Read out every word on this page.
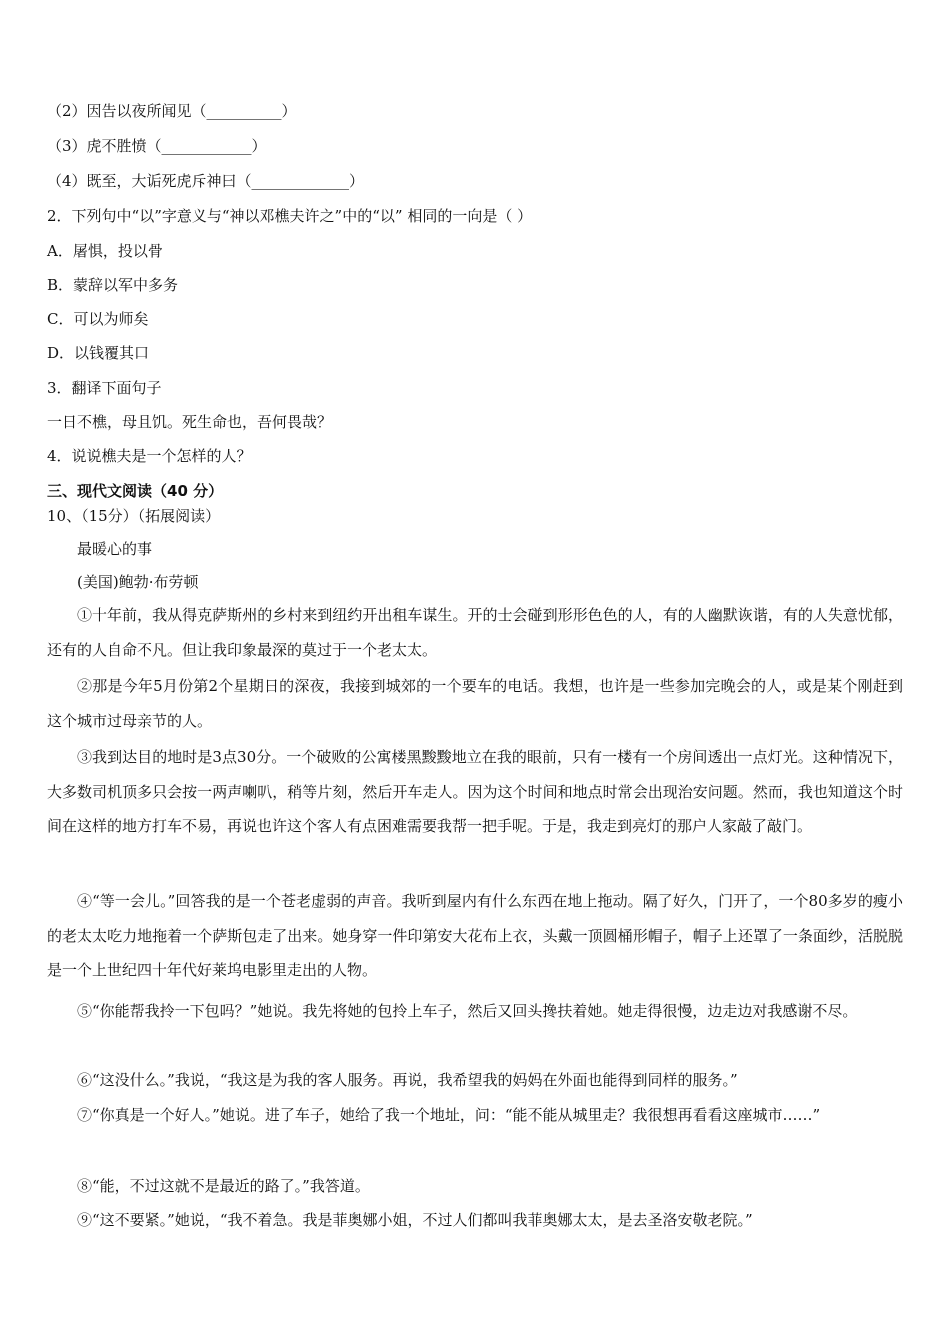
（2）因告以夜所闻见（__________）
（3）虎不胜愤（____________）
（4）既至，大诟死虎斥神曰（_____________）
2．下列句中“以”字意义与“神以邓樵夫许之”中的“以” 相同的一向是（ ）
A．屠惧，投以骨
B．蒙辞以军中多务
C．可以为师矣
D．以钱覆其口
3．翻译下面句子
一日不樵，母且饥。死生命也，吾何畏哉？
4．说说樵夫是一个怎样的人？
三、现代文阅读（40 分）
10、（15分）（拓展阅读）
最暖心的事
(美国)鲍勃·布劳顿
①十年前，我从得克萨斯州的乡村来到纽约开出租车谋生。开的士会碰到形形色色的人，有的人幽默诙谐，有的人失意忧郁，还有的人自命不凡。但让我印象最深的莫过于一个老太太。
②那是今年5月份第2个星期日的深夜，我接到城郊的一个要车的电话。我想，也许是一些参加完晚会的人，或是某个刚赶到这个城市过母亲节的人。
③我到达目的地时是3点30分。一个破败的公寓楼黑黢黢地立在我的眼前，只有一楼有一个房间透出一点灯光。这种情况下，大多数司机顶多只会按一两声喇叭，稍等片刻，然后开车走人。因为这个时间和地点时常会出现治安问题。然而，我也知道这个时间在这样的地方打车不易，再说也许这个客人有点困难需要我帮一把手呢。于是，我走到亮灯的那户人家敲了敲门。
④“等一会儿。”回答我的是一个苍老虚弱的声音。我听到屋内有什么东西在地上拖动。隔了好久，门开了，一个80多岁的瘦小的老太太吃力地拖着一个萨斯包走了出来。她身穿一件印第安大花布上衣，头戴一顶圆桶形帽子，帽子上还罩了一条面纱，活脱脱是一个上世纪四十年代好莱坞电影里走出的人物。
⑤“你能帮我拎一下包吗？”她说。我先将她的包拎上车子，然后又回头搀扶着她。她走得很慢，边走边对我感谢不尽。
⑥“这没什么。”我说，“我这是为我的客人服务。再说，我希望我的妈妈在外面也能得到同样的服务。”
⑦“你真是一个好人。”她说。进了车子，她给了我一个地址，问：“能不能从城里走？我很想再看看这座城市……”
⑧“能，不过这就不是最近的路了。”我答道。
⑨“这不要紧。”她说，“我不着急。我是菲奥娜小姐，不过人们都叫我菲奥娜太太，是去圣洛安敬老院。”
